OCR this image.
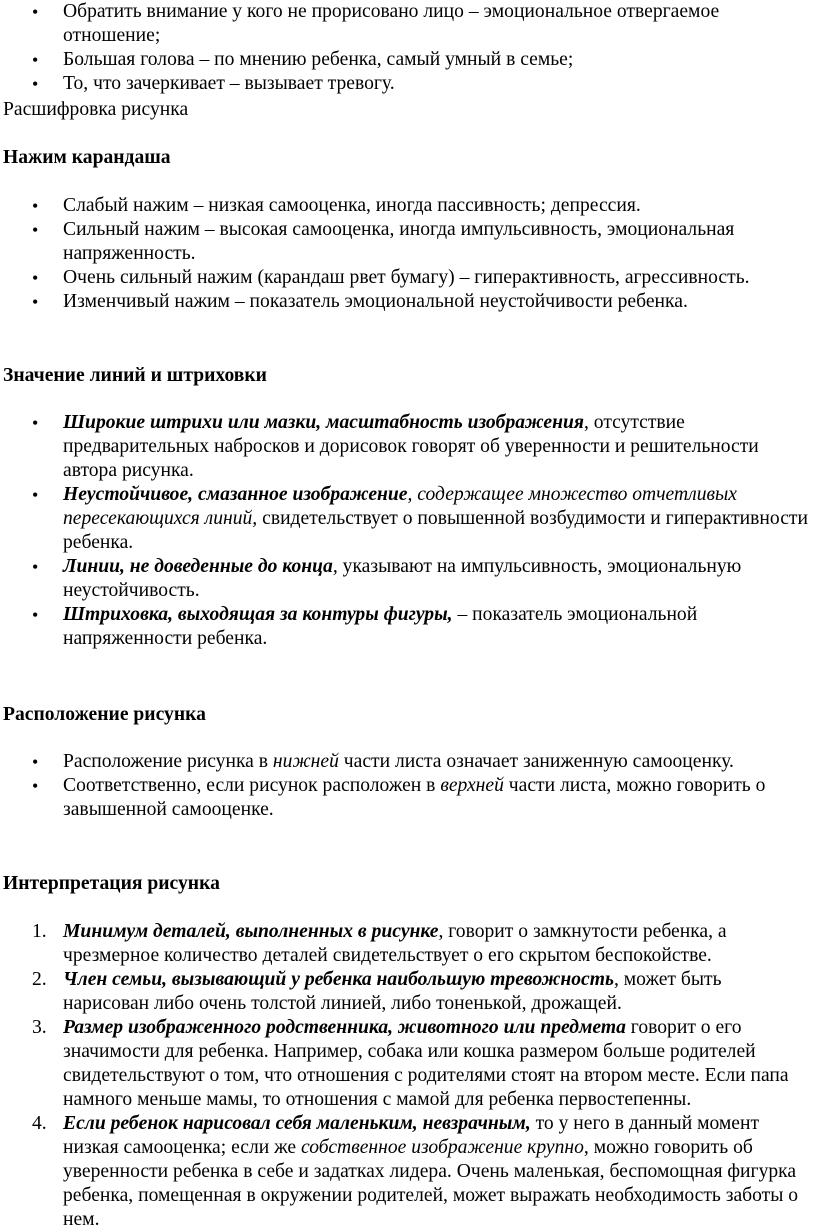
• Обратить внимание у кого не прорисовано лицо – эмоциональное отвергаемое отношение;
• Большая голова – по мнению ребенка, самый умный в семье;
• То, что зачеркивает – вызывает тревогу.

Расшифровка рисунка

Нажим карандаша

• Слабый нажим – низкая самооценка, иногда пассивность; депрессия.
• Сильный нажим – высокая самооценка, иногда импульсивность, эмоциональная напряженность.
• Очень сильный нажим (карандаш рвет бумагу) – гиперактивность, агрессивность.
• Изменчивый нажим – показатель эмоциональной неустойчивости ребенка.

Значение линий и штриховки

• Широкие штрихи или мазки, масштабность изображения, отсутствие предварительных набросков и дорисовок говорят об уверенности и решительности автора рисунка.
• Неустойчивое, смазанное изображение, содержащее множество отчетливых пересекающихся линий, свидетельствует о повышенной возбудимости и гиперактивности ребенка.
• Линии, не доведенные до конца, указывают на импульсивность, эмоциональную неустойчивость.
• Штриховка, выходящая за контуры фигуры, – показатель эмоциональной напряженности ребенка.

Расположение рисунка

• Расположение рисунка в нижней части листа означает заниженную самооценку.
• Соответственно, если рисунок расположен в верхней части листа, можно говорить о завышенной самооценке.

Интерпретация рисунка

1. Минимум деталей, выполненных в рисунке, говорит о замкнутости ребенка, а чрезмерное количество деталей свидетельствует о его скрытом беспокойстве.
2. Член семьи, вызывающий у ребенка наибольшую тревожность, может быть нарисован либо очень толстой линией, либо тоненькой, дрожащей.
3. Размер изображенного родственника, животного или предмета говорит о его значимости для ребенка. Например, собака или кошка размером больше родителей свидетельствуют о том, что отношения с родителями стоят на втором месте. Если папа намного меньше мамы, то отношения с мамой для ребенка первостепенны.
4. Если ребенок нарисовал себя маленьким, невзрачным, то у него в данный момент низкая самооценка; если же собственное изображение крупно, можно говорить об уверенности ребенка в себе и задатках лидера. Очень маленькая, беспомощная фигурка ребенка, помещенная в окружении родителей, может выражать необходимость заботы о нем.
